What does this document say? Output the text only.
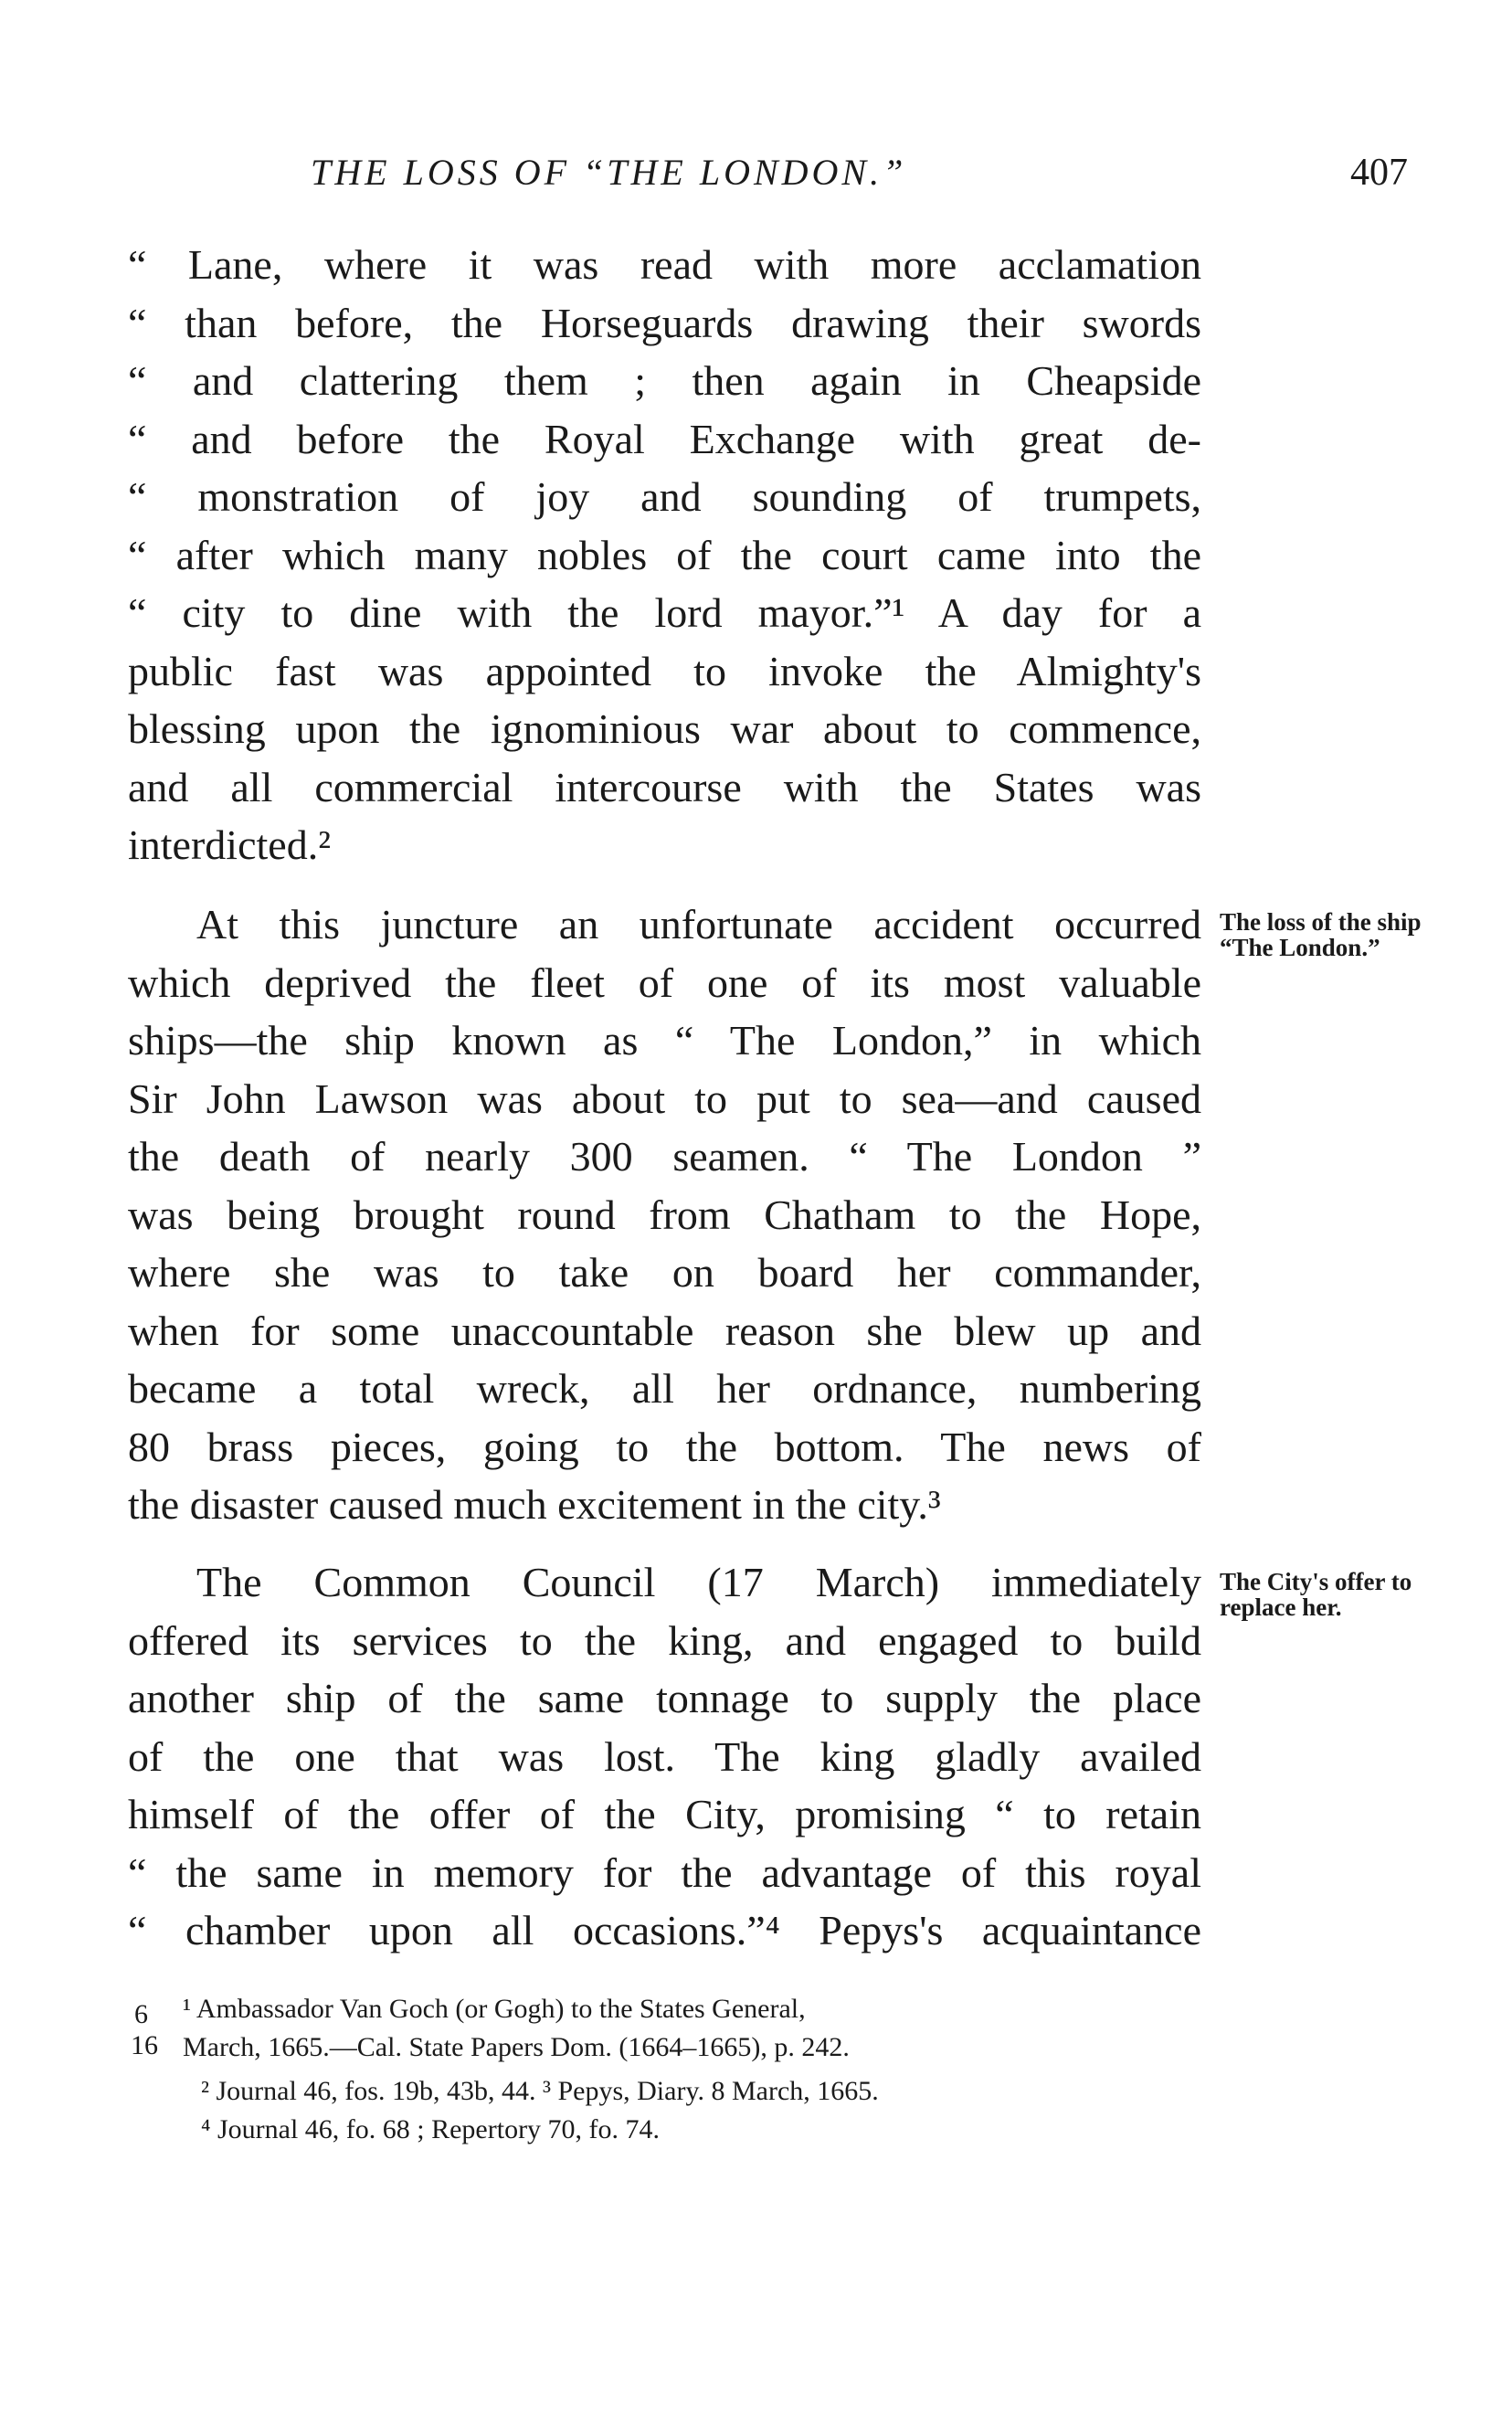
THE LOSS OF “THE LONDON.”	407
“ Lane, where it was read with more acclamation
“ than before, the Horseguards drawing their swords
“ and clattering them ; then again in Cheapside
“ and before the Royal Exchange with great de-
“ monstration of joy and sounding of trumpets,
“ after which many nobles of the court came into the
“ city to dine with the lord mayor.”¹ A day for a
public fast was appointed to invoke the Almighty's
blessing upon the ignominious war about to commence,
and all commercial intercourse with the States was
interdicted.²
At this juncture an unfortunate accident occurred
which deprived the fleet of one of its most valuable
ships—the ship known as “ The London,” in which
Sir John Lawson was about to put to sea—and caused
the death of nearly 300 seamen. “ The London ”
was being brought round from Chatham to the Hope,
where she was to take on board her commander,
when for some unaccountable reason she blew up and
became a total wreck, all her ordnance, numbering
80 brass pieces, going to the bottom. The news of
the disaster caused much excitement in the city.³
The Common Council (17 March) immediately
offered its services to the king, and engaged to build
another ship of the same tonnage to supply the place
of the one that was lost. The king gladly availed
himself of the offer of the City, promising “ to retain
“ the same in memory for the advantage of this royal
“ chamber upon all occasions.”⁴ Pepys's acquaintance
The loss of the ship “The London.”
The City's offer to replace her.
¹ Ambassador Van Goch (or Gogh) to the States General,
March, 1665.—Cal. State Papers Dom. (1664–1665), p. 242.
² Journal 46, fos. 19b, 43b, 44. ³ Pepys, Diary. 8 March, 1665.
⁴ Journal 46, fo. 68 ; Repertory 70, fo. 74.
6
16
